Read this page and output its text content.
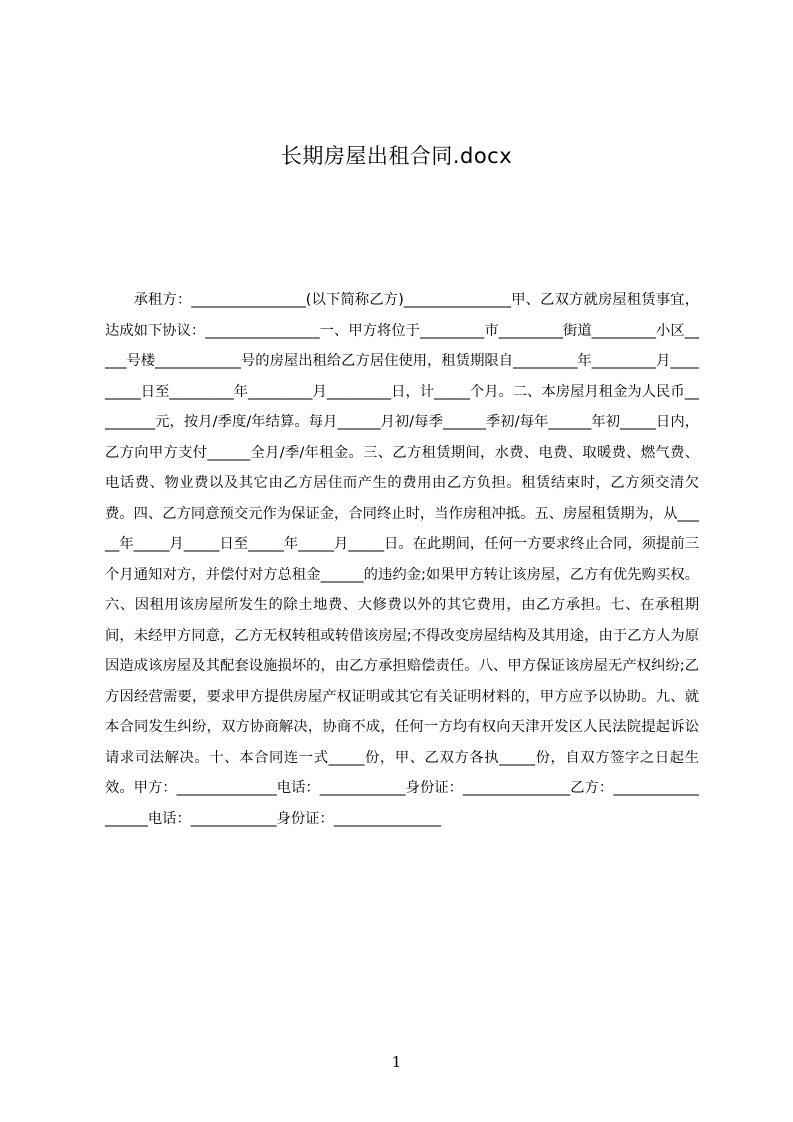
长期房屋出租合同.docx

承租方：________________(以下简称乙方)_______________甲、乙双方就房屋租赁事宜，达成如下协议：________________一、甲方将位于_________市_________街道_________小区_____号楼____________号的房屋出租给乙方居住使用，租赁期限自_________年_________月_________日至_________年_________月_________日，计_____个月。二、本房屋月租金为人民币_________元，按月/季度/年结算。每月______月初/每季______季初/每年______年初_____日内，乙方向甲方支付______全月/季/年租金。三、乙方租赁期间，水费、电费、取暖费、燃气费、电话费、物业费以及其它由乙方居住而产生的费用由乙方负担。租赁结束时，乙方须交清欠费。四、乙方同意预交元作为保证金，合同终止时，当作房租冲抵。五、房屋租赁期为，从_____年_____月_____日至_____年_____月_____日。在此期间，任何一方要求终止合同，须提前三个月通知对方，并偿付对方总租金______的违约金;如果甲方转让该房屋，乙方有优先购买权。六、因租用该房屋所发生的除土地费、大修费以外的其它费用，由乙方承担。七、在承租期间，未经甲方同意，乙方无权转租或转借该房屋;不得改变房屋结构及其用途，由于乙方人为原因造成该房屋及其配套设施损坏的，由乙方承担赔偿责任。八、甲方保证该房屋无产权纠纷;乙方因经营需要，要求甲方提供房屋产权证明或其它有关证明材料的，甲方应予以协助。九、就本合同发生纠纷，双方协商解决，协商不成，任何一方均有权向天津开发区人民法院提起诉讼请求司法解决。十、本合同连一式_____份，甲、乙双方各执_____份，自双方签字之日起生效。甲方：______________电话：____________身份证：_______________乙方：__________________电话：____________身份证：_______________

1
